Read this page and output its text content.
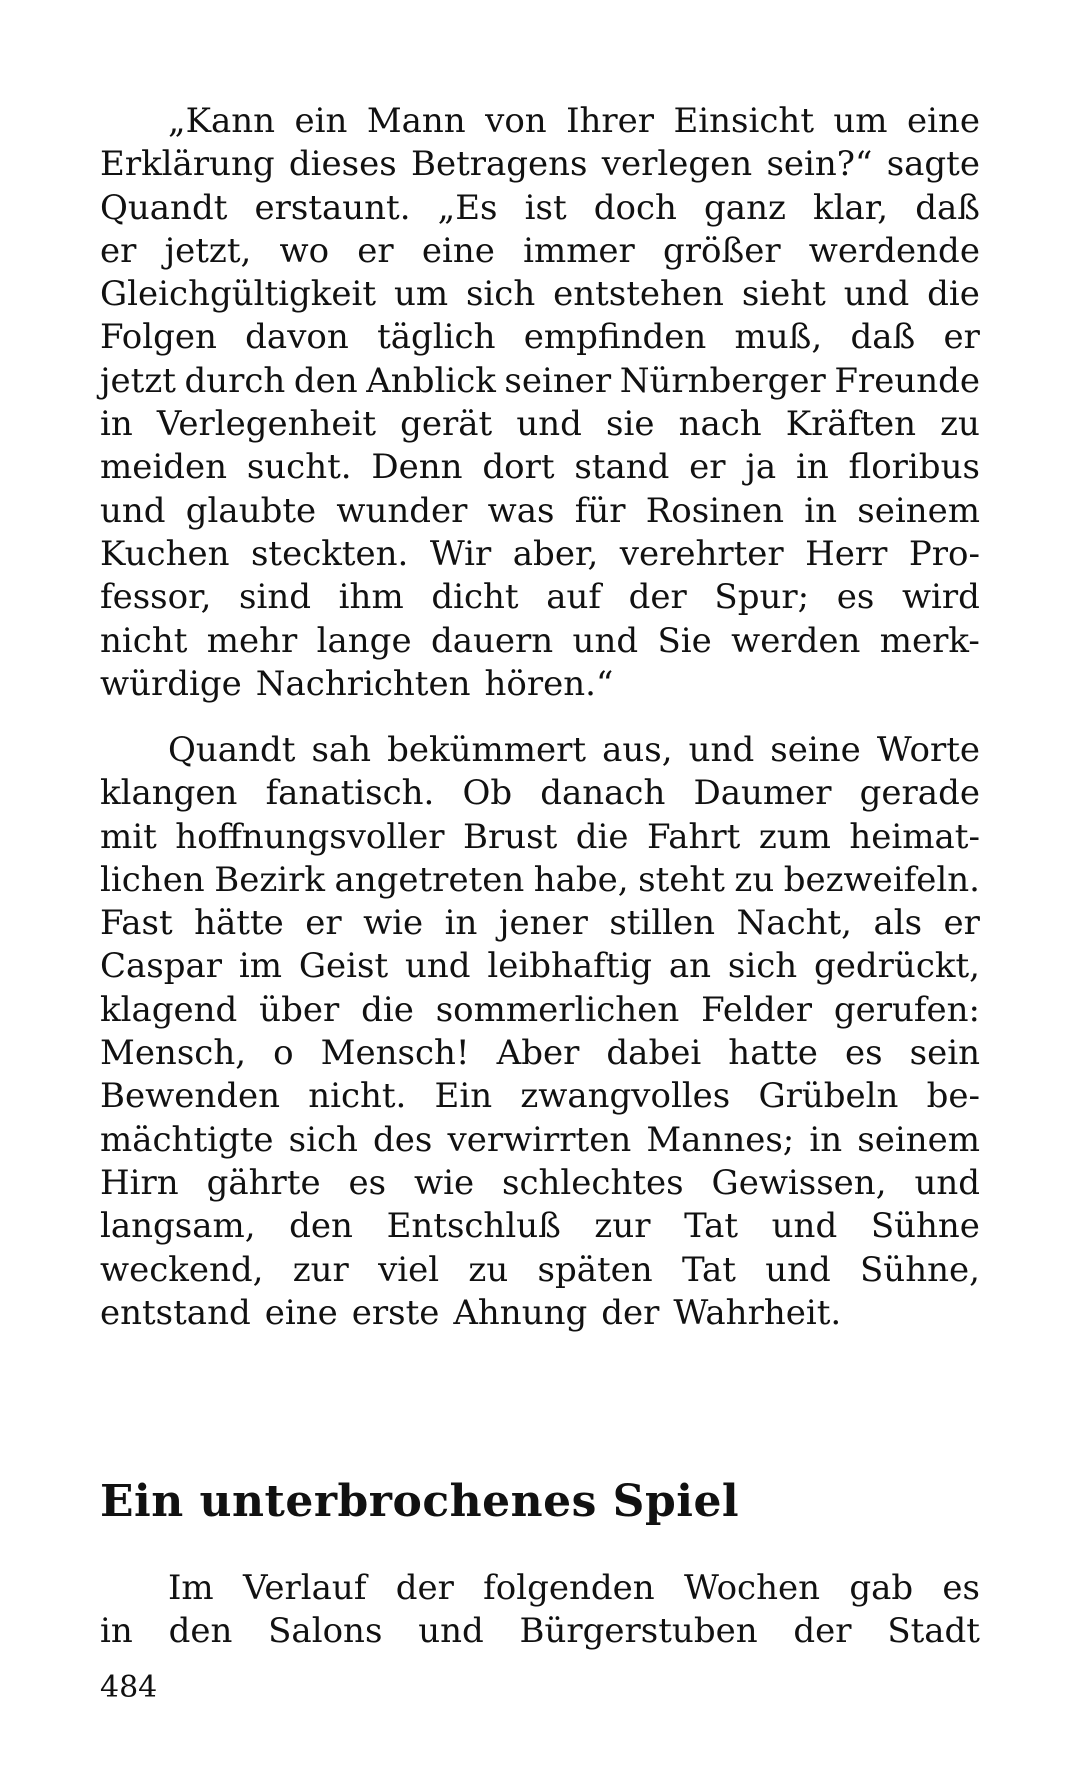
„Kann ein Mann von Ihrer Einsicht um eine
Erklärung dieses Betragens verlegen sein?“ sagte
Quandt erstaunt. „Es ist doch ganz klar, daß
er jetzt, wo er eine immer größer werdende
Gleichgültigkeit um sich entstehen sieht und die
Folgen davon täglich empfinden muß, daß er
jetzt durch den Anblick seiner Nürnberger Freunde
in Verlegenheit gerät und sie nach Kräften zu
meiden sucht. Denn dort stand er ja in floribus
und glaubte wunder was für Rosinen in seinem
Kuchen steckten. Wir aber, verehrter Herr Pro-
fessor, sind ihm dicht auf der Spur; es wird
nicht mehr lange dauern und Sie werden merk-
würdige Nachrichten hören.“
Quandt sah bekümmert aus, und seine Worte
klangen fanatisch. Ob danach Daumer gerade
mit hoffnungsvoller Brust die Fahrt zum heimat-
lichen Bezirk angetreten habe, steht zu bezweifeln.
Fast hätte er wie in jener stillen Nacht, als er
Caspar im Geist und leibhaftig an sich gedrückt,
klagend über die sommerlichen Felder gerufen:
Mensch, o Mensch! Aber dabei hatte es sein
Bewenden nicht. Ein zwangvolles Grübeln be-
mächtigte sich des verwirrten Mannes; in seinem
Hirn gährte es wie schlechtes Gewissen, und
langsam, den Entschluß zur Tat und Sühne
weckend, zur viel zu späten Tat und Sühne,
entstand eine erste Ahnung der Wahrheit.
Ein unterbrochenes Spiel
Im Verlauf der folgenden Wochen gab es
in den Salons und Bürgerstuben der Stadt
484
